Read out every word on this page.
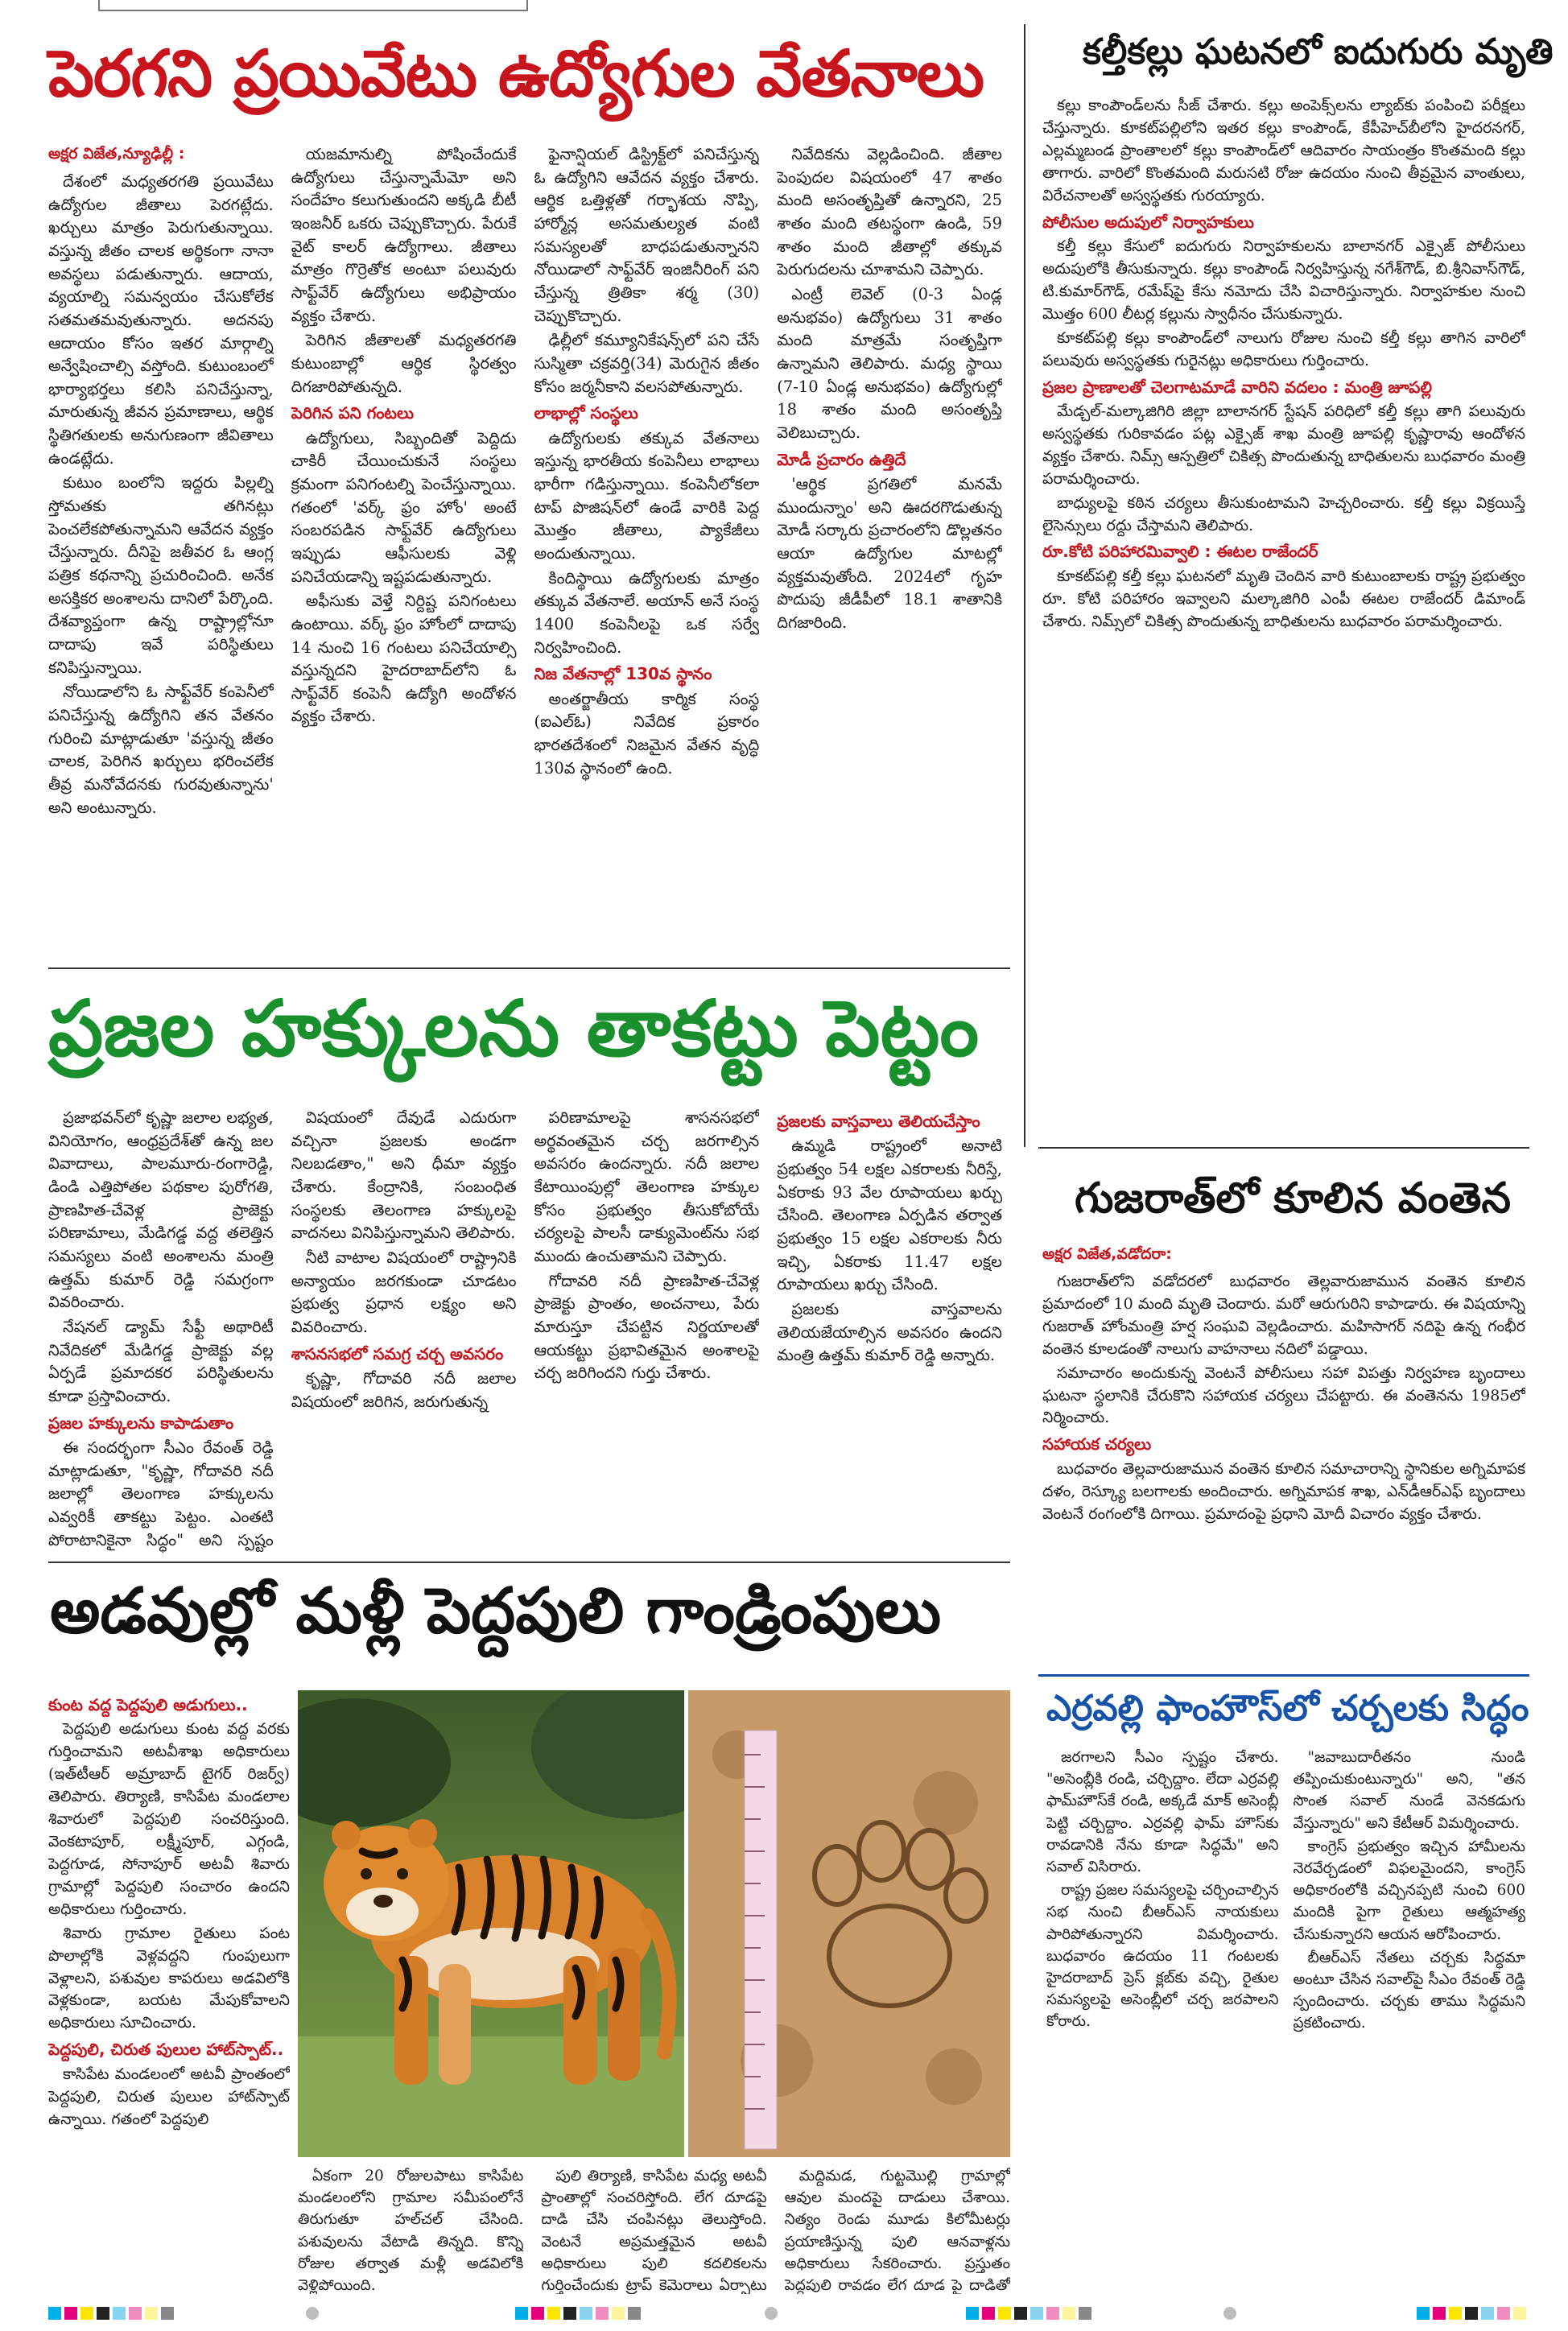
పెరగని ప్రయివేటు ఉద్యోగుల వేతనాలు
అక్షర విజేత,న్యూఢిల్లీ :

దేశంలో మధ్యతరగతి ప్రయివేటు ఉద్యోగుల జీతాలు పెరగట్లేదు. ఖర్చులు మాత్రం పెరుగుతున్నాయి. వస్తున్న జీతం చాలక అర్థికంగా నానా అవస్థలు పడుతున్నారు. ఆదాయ, వ్యయాల్ని సమన్వయం చేసుకోలేక సతమతమవుతున్నారు. అదనపు ఆదాయం కోసం ఇతర మార్గాల్ని అన్వేషించాల్సి వస్తోంది. కుటుంబంలో భార్యాభర్తలు కలిసి పనిచేస్తున్నా, మారుతున్న జీవన ప్రమాణాలు, ఆర్థిక స్థితిగతులకు అనుగుణంగా జీవితాలు ఉండట్లేదు.

కుటుం బంలోని ఇద్దరు పిల్లల్ని స్తోమతకు తగినట్లు పెంచలేకపోతున్నామని ఆవేదన వ్యక్తం చేస్తున్నారు. దీనిపై జతీవర ఓ ఆంగ్ల పత్రిక కథనాన్ని ప్రచురించింది. అనేక అసక్తికర అంశాలను దానిలో పేర్కొంది. దేశవ్యాప్తంగా ఉన్న రాష్ట్రాల్లోనూ దాదాపు ఇవే పరిస్థితులు కనిపిస్తున్నాయి.

నోయిడాలోని ఓ సాఫ్ట్‌వేర్ కంపెనీలో పనిచేస్తున్న ఉద్యోగిని తన వేతనం గురించి మాట్లాడుతూ 'వస్తున్న జీతం చాలక, పెరిగిన ఖర్చులు భరించలేక తీవ్ర మనోవేదనకు గురవుతున్నాను' అని అంటున్నారు.

యజమానుల్ని పోషించేందుకే ఉద్యోగులు చేస్తున్నామేమో అని సందేహం కలుగుతుందని అక్కడి బీటీ ఇంజనీర్ ఒకరు చెప్పుకొచ్చారు. పేరుకే వైట్ కాలర్ ఉద్యోగాలు. జీతాలు మాత్రం గొర్రెతోక అంటూ పలువురు సాఫ్ట్‌వేర్ ఉద్యోగులు అభిప్రాయం వ్యక్తం చేశారు.

పెరిగిన జీతాలతో మధ్యతరగతి కుటుంబాల్లో ఆర్థిక స్థిరత్వం దిగజారిపోతున్నది.

పెరిగిన పని గంటలు

ఉద్యోగులు, సిబ్బందితో పెద్దిదు చాకిరీ చేయించుకునే సంస్థలు క్రమంగా పనిగంటల్ని పెంచేస్తున్నాయి. గతంలో 'వర్క్ ఫ్రం హోం' అంటే సంబరపడిన సాఫ్ట్‌వేర్ ఉద్యోగులు ఇప్పుడు ఆఫీసులకు వెళ్లి పనిచేయడాన్ని ఇష్టపడుతున్నారు.

అఫీసుకు వెళ్తే నిర్దిష్ట పనిగంటలు ఉంటాయి. వర్క్ ఫ్రం హోంలో దాదాపు 14 నుంచి 16 గంటలు పనిచేయాల్సి వస్తున్నదని హైదరాబాద్‌లోని ఓ సాఫ్ట్‌వేర్ కంపెనీ ఉద్యోగి అందోళన వ్యక్తం చేశారు.

ఫైనాన్షియల్ డిస్ట్రిక్ట్‌లో పనిచేస్తున్న ఓ ఉద్యోగిని ఆవేదన వ్యక్తం చేశారు. ఆర్థిక ఒత్తిళ్లతో గర్భాశయ నొప్పి, హార్మోన్ల అసమతుల్యత వంటి సమస్యలతో బాధపడుతున్నానని నోయిడాలో సాఫ్ట్‌వేర్ ఇంజినీరింగ్ పని చేస్తున్న త్రితికా శర్మ (30) చెప్పుకొచ్చారు.

ఢిల్లీలో కమ్యూనికేషన్స్‌లో పని చేసే సుస్మితా చక్రవర్తి(34) మెరుగైన జీతం కోసం జర్మనీకాని వలసపోతున్నారు.

లాభాల్లో సంస్థలు

ఉద్యోగులకు తక్కువ వేతనాలు ఇస్తున్న భారతీయ కంపెనీలు లాభాలు భారీగా గడిస్తున్నాయి. కంపెనీలోకలా టాప్ పొజిషన్‌లో ఉండే వారికి పెద్ద మొత్తం జీతాలు, ప్యాకేజీలు అందుతున్నాయి.

కిందిస్థాయి ఉద్యోగులకు మాత్రం తక్కువ వేతనాలే. అయాన్ అనే సంస్థ 1400 కంపెనీలపై ఒక సర్వే నిర్వహించింది.

నిజ వేతనాల్లో 130వ స్థానం

అంతర్జాతీయ కార్మిక సంస్థ (ఐఎల్‌ఓ) నివేదిక ప్రకారం భారతదేశంలో నిజమైన వేతన వృద్ధి 130వ స్థానంలో ఉంది.

నివేదికను వెల్లడించింది. జీతాల పెంపుదల విషయంలో 47 శాతం మంది అసంతృప్తితో ఉన్నారని, 25 శాతం మంది తటస్థంగా ఉండి, 59 శాతం మంది జీతాల్లో తక్కువ పెరుగుదలను చూశామని చెప్పారు.

ఎంట్రీ లెవెల్ (0-3 ఏండ్ల అనుభవం) ఉద్యోగులు 31 శాతం మంది మాత్రమే సంతృప్తిగా ఉన్నామని తెలిపారు. మధ్య స్థాయి (7-10 ఏండ్ల అనుభవం) ఉద్యోగుల్లో 18 శాతం మంది అసంతృప్తి వెలిబుచ్చారు.

మోడీ ప్రచారం ఉత్తిదే

'ఆర్థిక ప్రగతిలో మనమే ముందున్నాం' అని ఊదరగొడుతున్న మోడీ సర్కారు ప్రచారంలోని డొల్లతనం ఆయా ఉద్యోగుల మాటల్లో వ్యక్తమవుతోంది. 2024లో గృహ పొదుపు జీడీపీలో 18.1 శాతానికి దిగజారింది.

కల్తీకల్లు ఘటనలో ఐదుగురు మృతి

కల్లు కాంపౌండ్‌లను సీజ్ చేశారు. కల్లు అంపెక్స్‌లను ల్యాబ్‌కు పంపించి పరీక్షలు చేస్తున్నారు. కూకట్‌పల్లిలోని ఇతర కల్లు కాంపౌండ్, కేపీహెచ్‌బీలోని హైదరనగర్, ఎల్లమ్మబండ ప్రాంతాలలో కల్లు కాంపౌండ్‌లో ఆదివారం సాయంత్రం కొంతమంది కల్లు తాగారు. వారిలో కొంతమంది మరుసటి రోజు ఉదయం నుంచి తీవ్రమైన వాంతులు, విరేచనాలతో అస్వస్థతకు గురయ్యారు.

పోలీసుల అదుపులో నిర్వాహకులు

కల్తీ కల్లు కేసులో ఐదుగురు నిర్వాహకులను బాలానగర్ ఎక్సైజ్ పోలీసులు అదుపులోకి తీసుకున్నారు. కల్లు కాంపౌండ్ నిర్వహిస్తున్న నగేశ్‌గౌడ్, బి.శ్రీనివాస్‌గౌడ్, టి.కుమార్‌గౌడ్, రమేష్‌పై కేసు నమోదు చేసి విచారిస్తున్నారు. నిర్వాహకుల నుంచి మొత్తం 600 లీటర్ల కల్లును స్వాధీనం చేసుకున్నారు.

కూకట్‌పల్లి కల్లు కాంపౌండ్‌లో నాలుగు రోజుల నుంచి కల్తీ కల్లు తాగిన వారిలో పలువురు అస్వస్థతకు గురైనట్లు అధికారులు గుర్తించారు.

ప్రజల ప్రాణాలతో చెలగాటమాడే వారిని వదలం : మంత్రి జూపల్లి

మేడ్చల్-మల్కాజిగిరి జిల్లా బాలానగర్ స్టేషన్ పరిధిలో కల్తీ కల్లు తాగి పలువురు అస్వస్థతకు గురికావడం పట్ల ఎక్సైజ్ శాఖ మంత్రి జూపల్లి కృష్ణారావు ఆందోళన వ్యక్తం చేశారు. నిమ్స్ ఆస్పత్రిలో చికిత్స పొందుతున్న బాధితులను బుధవారం మంత్రి పరామర్శించారు.

బాధ్యులపై కఠిన చర్యలు తీసుకుంటామని హెచ్చరించారు. కల్తీ కల్లు విక్రయిస్తే లైసెన్సులు రద్దు చేస్తామని తెలిపారు.

రూ.కోటి పరిహారమివ్వాలి : ఈటల రాజేందర్

కూకట్‌పల్లి కల్తీ కల్లు ఘటనలో మృతి చెందిన వారి కుటుంబాలకు రాష్ట్ర ప్రభుత్వం రూ. కోటి పరిహారం ఇవ్వాలని మల్కాజిగిరి ఎంపీ ఈటల రాజేందర్ డిమాండ్ చేశారు. నిమ్స్‌లో చికిత్స పొందుతున్న బాధితులను బుధవారం పరామర్శించారు.

ప్రజల హక్కులను తాకట్టు పెట్టం

ప్రజాభవన్‌లో కృష్ణా జలాల లభ్యత, వినియోగం, ఆంధ్రప్రదేశ్‌తో ఉన్న జల వివాదాలు, పాలమూరు-రంగారెడ్డి, డిండి ఎత్తిపోతల పథకాల పురోగతి, ప్రాణహిత-చేవెళ్ల ప్రాజెక్టు పరిణామాలు, మేడిగడ్డ వద్ద తలెత్తిన సమస్యలు వంటి అంశాలను మంత్రి ఉత్తమ్ కుమార్ రెడ్డి సమగ్రంగా వివరించారు.

నేషనల్ డ్యామ్ సేఫ్టీ అథారిటీ నివేదికలో మేడిగడ్డ ప్రాజెక్టు వల్ల ఏర్పడే ప్రమాదకర పరిస్థితులను కూడా ప్రస్తావించారు.

ప్రజల హక్కులను కాపాడుతాం

ఈ సందర్భంగా సీఎం రేవంత్ రెడ్డి మాట్లాడుతూ, "కృష్ణా, గోదావరి నదీ జలాల్లో తెలంగాణ హక్కులను ఎవ్వరికీ తాకట్టు పెట్టం. ఎంతటి పోరాటానికైనా సిద్ధం" అని స్పష్టం

విషయంలో దేవుడే ఎదురుగా వచ్చినా ప్రజలకు అండగా నిలబడతాం," అని ధీమా వ్యక్తం చేశారు. కేంద్రానికి, సంబంధిత సంస్థలకు తెలంగాణ హక్కులపై వాదనలు వినిపిస్తున్నామని తెలిపారు.

నీటి వాటాల విషయంలో రాష్ట్రానికి అన్యాయం జరగకుండా చూడటం ప్రభుత్వ ప్రధాన లక్ష్యం అని వివరించారు.

శాసనసభలో సమగ్ర చర్చ అవసరం

కృష్ణా, గోదావరి నదీ జలాల విషయంలో జరిగిన, జరుగుతున్న

పరిణామాలపై శాసనసభలో అర్థవంతమైన చర్చ జరగాల్సిన అవసరం ఉందన్నారు. నదీ జలాల కేటాయింపుల్లో తెలంగాణ హక్కుల కోసం ప్రభుత్వం తీసుకోబోయే చర్యలపై పాలసీ డాక్యుమెంట్‌ను సభ ముందు ఉంచుతామని చెప్పారు.

గోదావరి నదీ ప్రాణహిత-చేవెళ్ల ప్రాజెక్టు ప్రాంతం, అంచనాలు, పేరు మారుస్తూ చేపట్టిన నిర్ణయాలతో ఆయకట్టు ప్రభావితమైన అంశాలపై చర్చ జరిగిందని గుర్తు చేశారు.

ప్రజలకు వాస్తవాలు తెలియచేస్తాం

ఉమ్మడి రాష్ట్రంలో అనాటి ప్రభుత్వం 54 లక్షల ఎకరాలకు నీరిస్తే, ఏకరాకు 93 వేల రూపాయలు ఖర్చు చేసింది. తెలంగాణ ఏర్పడిన తర్వాత ప్రభుత్వం 15 లక్షల ఎకరాలకు నీరు ఇచ్చి, ఏకరాకు 11.47 లక్షల రూపాయలు ఖర్చు చేసింది.

ప్రజలకు వాస్తవాలను తెలియజేయాల్సిన అవసరం ఉందని మంత్రి ఉత్తమ్ కుమార్ రెడ్డి అన్నారు.

గుజరాత్‌లో కూలిన వంతెన
అక్షర విజేత,వడోదరా:

గుజరాత్‌లోని వడోదరలో బుధవారం తెల్లవారుజామున వంతెన కూలిన ప్రమాదంలో 10 మంది మృతి చెందారు. మరో ఆరుగురిని కాపాడారు. ఈ విషయాన్ని గుజరాత్ హోంమంత్రి హర్ష సంఘవి వెల్లడించారు. మహిసాగర్ నదిపై ఉన్న గంభీర వంతెన కూలడంతో నాలుగు వాహనాలు నదిలో పడ్డాయి.

సమాచారం అందుకున్న వెంటనే పోలీసులు సహా విపత్తు నిర్వహణ బృందాలు ఘటనా స్థలానికి చేరుకొని సహాయక చర్యలు చేపట్టారు. ఈ వంతెనను 1985లో నిర్మించారు.

సహాయక చర్యలు

బుధవారం తెల్లవారుజామున వంతెన కూలిన సమాచారాన్ని స్థానికుల అగ్నిమాపక దళం, రెస్క్యూ బలగాలకు అందించారు. అగ్నిమాపక శాఖ, ఎన్‌డీఆర్‌ఎఫ్ బృందాలు వెంటనే రంగంలోకి దిగాయి. ప్రమాదంపై ప్రధాని మోదీ విచారం వ్యక్తం చేశారు.

అడవుల్లో మళ్లీ పెద్దపులి గాండ్రింపులు
కుంట వద్ద పెద్దపులి అడుగులు..

పెద్దపులి అడుగులు కుంట వద్ద వరకు గుర్తించామని అటవీశాఖ అధికారులు (ఇత్‌టీఆర్ అమ్రాబాద్ టైగర్ రిజర్వ్) తెలిపారు. తిర్యాణి, కాసిపేట మండలాల శివారులో పెద్దపులి సంచరిస్తుంది. వెంకటాపూర్, లక్ష్మీపూర్, ఎగ్గండి, పెద్దగూడ, సోనాపూర్ అటవీ శివారు గ్రామాల్లో పెద్దపులి సంచారం ఉందని అధికారులు గుర్తించారు.

శివారు గ్రామాల రైతులు పంట పొలాల్లోకి వెళ్లవద్దని గుంపులుగా వెళ్లాలని, పశువుల కాపరులు అడవిలోకి వెళ్లకుండా, బయట మేపుకోవాలని అధికారులు సూచించారు.

పెద్దపులి, చిరుత పులుల హాట్‌స్పాట్..

కాసిపేట మండలంలో అటవీ ప్రాంతంలో పెద్దపులి, చిరుత పులుల హాట్‌స్పాట్‌ ఉన్నాయి. గతంలో పెద్దపులి

ఏకంగా 20 రోజులపాటు కాసిపేట మండలంలోని గ్రామాల సమీపంలోనే తిరుగుతూ హల్‌చల్ చేసింది. పశువులను వేటాడి తిన్నది. కొన్ని రోజుల తర్వాత మళ్లీ అడవిలోకి వెళ్లిపోయింది.

పులి తిర్యాణి, కాసిపేట మధ్య అటవీ ప్రాంతాల్లో సంచరిస్తోంది. లేగ దూడపై దాడి చేసి చంపినట్లు తెలుస్తోంది. వెంటనే అప్రమత్తమైన అటవీ అధికారులు పులి కదలికలను గుర్తించేందుకు ట్రాప్ కెమెరాలు ఏర్పాటు

మద్దిమడ, గుట్టమొల్లి గ్రామాల్లో ఆవుల మందపై దాడులు చేశాయి. నిత్యం రెండు మూడు కిలోమీటర్లు ప్రయాణిస్తున్న పులి ఆనవాళ్లను అధికారులు సేకరించారు. ప్రస్తుతం పెద్దపులి రావడం లేగ దూడ పై దాడితో

ఎర్రవల్లి ఫాంహౌస్‌లో చర్చలకు సిద్ధం

జరగాలని సీఎం స్పష్టం చేశారు. "అసెంబ్లీకి రండి, చర్చిద్దాం. లేదా ఎర్రవల్లి ఫామ్‌హౌస్‌కే రండి, అక్కడే మాక్ అసెంబ్లీ పెట్టి చర్చిద్దాం. ఎర్రవల్లి ఫామ్ హౌస్‌కు రావడానికి నేను కూడా సిద్ధమే" అని సవాల్ విసిరారు.

రాష్ట్ర ప్రజల సమస్యలపై చర్చించాల్సిన సభ నుంచి బీఆర్ఎస్ నాయకులు పారిపోతున్నారని విమర్శించారు. బుధవారం ఉదయం 11 గంటలకు హైదరాబాద్ ప్రెస్ క్లబ్‌కు వచ్చి, రైతుల సమస్యలపై అసెంబ్లీలో చర్చ జరపాలని కోరారు.

"జవాబుదారీతనం నుండి తప్పించుకుంటున్నారు" అని, "తన సొంత సవాల్ నుండే వెనకడుగు వేస్తున్నారు" అని కేటీఆర్ విమర్శించారు.

కాంగ్రెస్ ప్రభుత్వం ఇచ్చిన హామీలను నెరవేర్చడంలో విఫలమైందని, కాంగ్రెస్ అధికారంలోకి వచ్చినప్పటి నుంచి 600 మందికి పైగా రైతులు ఆత్మహత్య చేసుకున్నారని ఆయన ఆరోపించారు.

బీఆర్ఎస్ నేతలు చర్చకు సిద్ధమా అంటూ చేసిన సవాల్‌పై సీఎం రేవంత్ రెడ్డి స్పందించారు. చర్చకు తాము సిద్ధమని ప్రకటించారు.
